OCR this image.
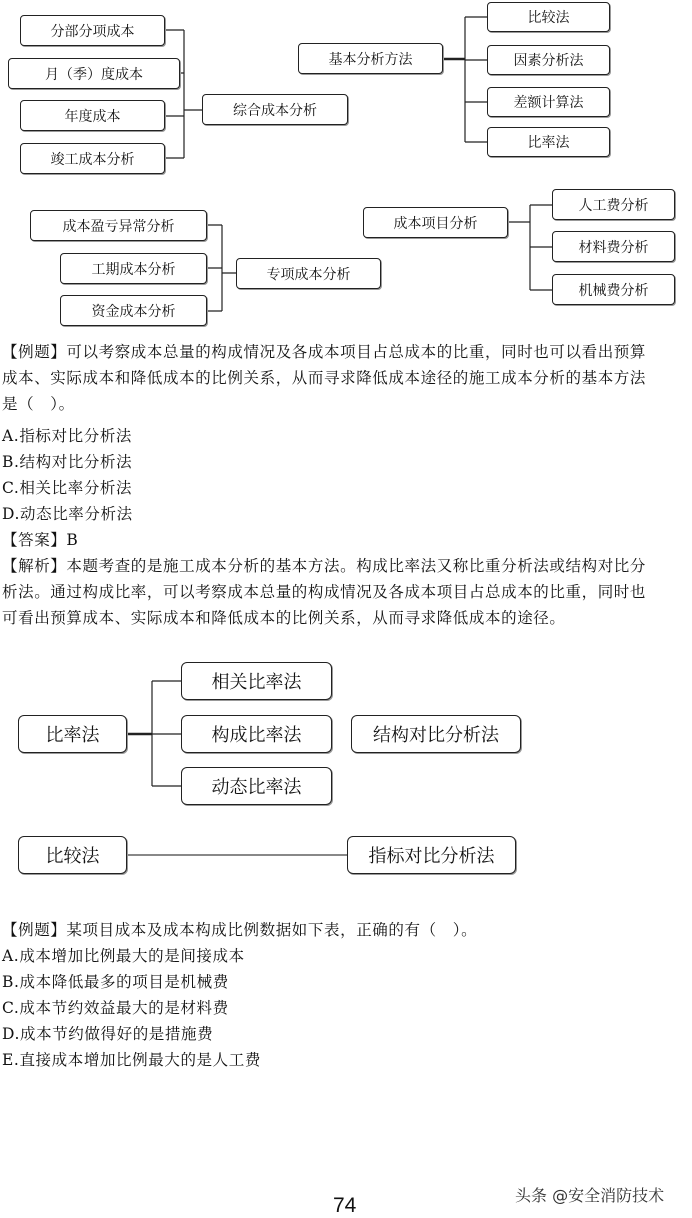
分部分项成本
月（季）度成本
年度成本
竣工成本分析
综合成本分析
基本分析方法
比较法
因素分析法
差额计算法
比率法
成本项目分析
人工费分析
材料费分析
机械费分析
成本盈亏异常分析
工期成本分析
资金成本分析
专项成本分析
【例题】可以考察成本总量的构成情况及各成本项目占总成本的比重，同时也可以看出预算
成本、实际成本和降低成本的比例关系，从而寻求降低成本途径的施工成本分析的基本方法
是（　）。
A.指标对比分析法
B.结构对比分析法
C.相关比率分析法
D.动态比率分析法
【答案】B
【解析】本题考查的是施工成本分析的基本方法。构成比率法又称比重分析法或结构对比分
析法。通过构成比率，可以考察成本总量的构成情况及各成本项目占总成本的比重，同时也
可看出预算成本、实际成本和降低成本的比例关系，从而寻求降低成本的途径。
比率法
相关比率法
构成比率法
动态比率法
结构对比分析法
比较法	指标对比分析法
【例题】某项目成本及成本构成比例数据如下表，正确的有（　）。
A.成本增加比例最大的是间接成本
B.成本降低最多的项目是机械费
C.成本节约效益最大的是材料费
D.成本节约做得好的是措施费
E.直接成本增加比例最大的是人工费
74	头条 @安全消防技术
